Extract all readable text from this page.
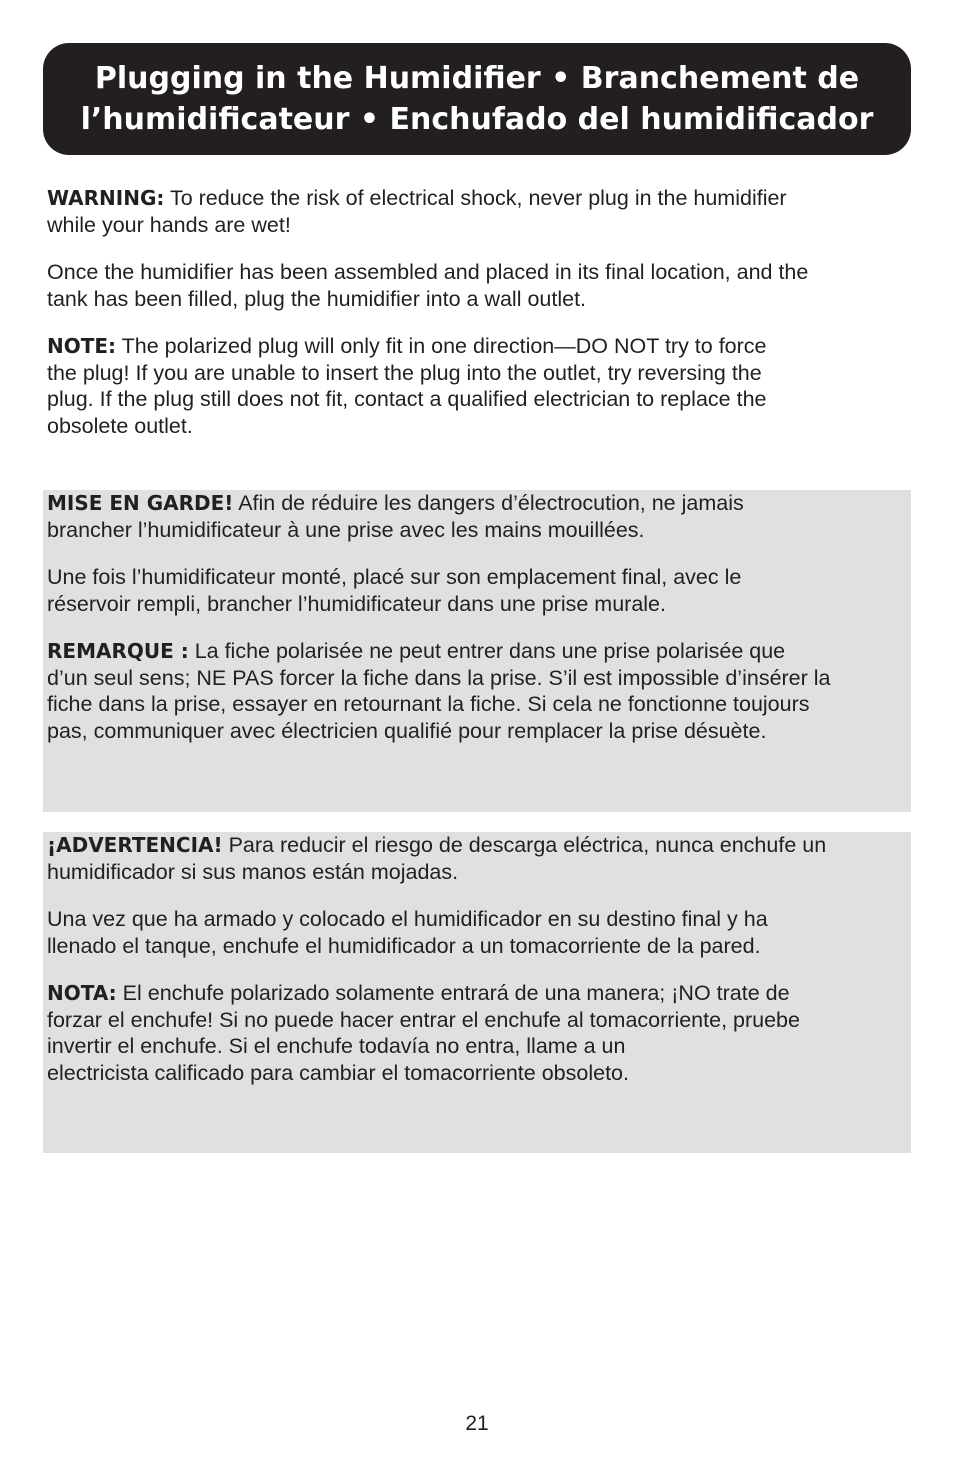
Plugging in the Humidifier • Branchement de
l’humidificateur • Enchufado del humidificador

WARNING: To reduce the risk of electrical shock, never plug in the humidifier
while your hands are wet!

Once the humidifier has been assembled and placed in its final location, and the
tank has been filled, plug the humidifier into a wall outlet.

NOTE: The polarized plug will only fit in one direction—DO NOT try to force
the plug! If you are unable to insert the plug into the outlet, try reversing the
plug. If the plug still does not fit, contact a qualified electrician to replace the
obsolete outlet.

MISE EN GARDE! Afin de réduire les dangers d’électrocution, ne jamais
brancher l’humidificateur à une prise avec les mains mouillées.

Une fois l’humidificateur monté, placé sur son emplacement final, avec le
réservoir rempli, brancher l’humidificateur dans une prise murale.

REMARQUE : La fiche polarisée ne peut entrer dans une prise polarisée que
d’un seul sens; NE PAS forcer la fiche dans la prise. S’il est impossible d’insérer la
fiche dans la prise, essayer en retournant la fiche. Si cela ne fonctionne toujours
pas, communiquer avec électricien qualifié pour remplacer la prise désuète.

¡ADVERTENCIA! Para reducir el riesgo de descarga eléctrica, nunca enchufe un
humidificador si sus manos están mojadas.

Una vez que ha armado y colocado el humidificador en su destino final y ha
llenado el tanque, enchufe el humidificador a un tomacorriente de la pared.

NOTA: El enchufe polarizado solamente entrará de una manera; ¡NO trate de
forzar el enchufe! Si no puede hacer entrar el enchufe al tomacorriente, pruebe
invertir el enchufe. Si el enchufe todavía no entra, llame a un
electricista calificado para cambiar el tomacorriente obsoleto.

21
